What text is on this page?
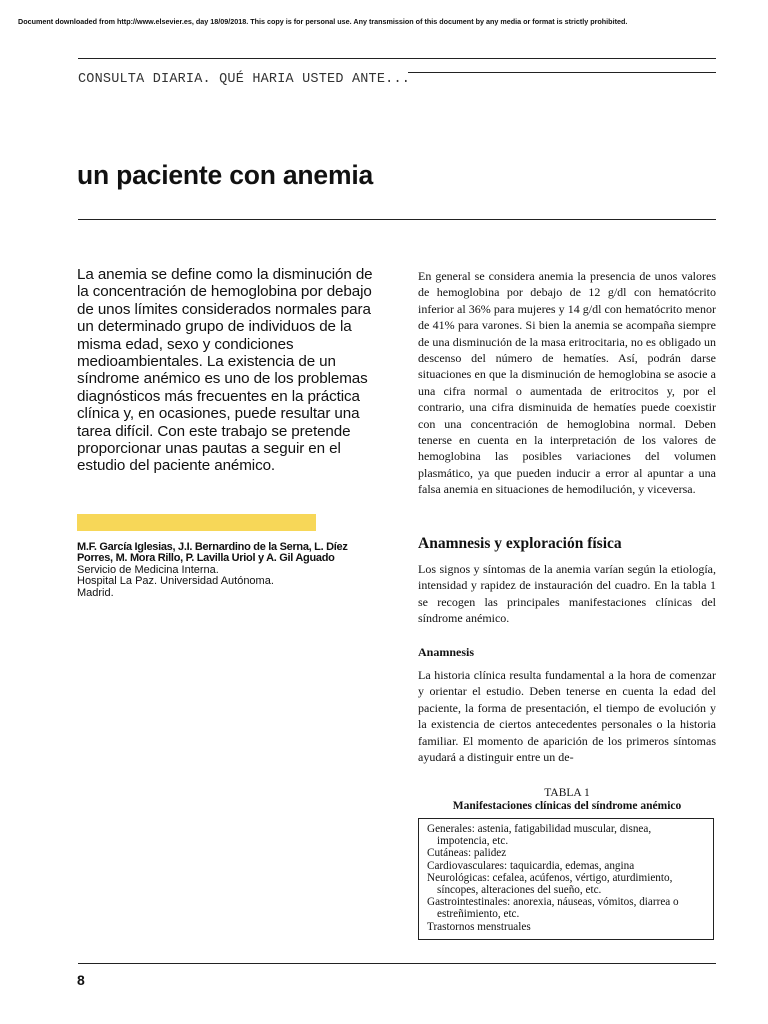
Document downloaded from http://www.elsevier.es, day 18/09/2018. This copy is for personal use. Any transmission of this document by any media or format is strictly prohibited.
CONSULTA DIARIA. QUÉ HARIA USTED ANTE...
un paciente con anemia

La anemia se define como la disminución de la concentración de hemoglobina por debajo de unos límites considerados normales para un determinado grupo de individuos de la misma edad, sexo y condiciones medioambientales. La existencia de un síndrome anémico es uno de los problemas diagnósticos más frecuentes en la práctica clínica y, en ocasiones, puede resultar una tarea difícil. Con este trabajo se pretende proporcionar unas pautas a seguir en el estudio del paciente anémico.

M.F. García Iglesias, J.I. Bernardino de la Serna, L. Díez Porres, M. Mora Rillo, P. Lavilla Uriol y A. Gil Aguado
Servicio de Medicina Interna.
Hospital La Paz. Universidad Autónoma.
Madrid.

En general se considera anemia la presencia de unos valores de hemoglobina por debajo de 12 g/dl con hematócrito inferior al 36% para mujeres y 14 g/dl con hematócrito menor de 41% para varones. Si bien la anemia se acompaña siempre de una disminución de la masa eritrocitaria, no es obligado un descenso del número de hematíes. Así, podrán darse situaciones en que la disminución de hemoglobina se asocie a una cifra normal o aumentada de eritrocitos y, por el contrario, una cifra disminuida de hematíes puede coexistir con una concentración de hemoglobina normal. Deben tenerse en cuenta en la interpretación de los valores de hemoglobina las posibles variaciones del volumen plasmático, ya que pueden inducir a error al apuntar a una falsa anemia en situaciones de hemodilución, y viceversa.

Anamnesis y exploración física

Los signos y síntomas de la anemia varían según la etiología, intensidad y rapidez de instauración del cuadro. En la tabla 1 se recogen las principales manifestaciones clínicas del síndrome anémico.

Anamnesis

La historia clínica resulta fundamental a la hora de comenzar y orientar el estudio. Deben tenerse en cuenta la edad del paciente, la forma de presentación, el tiempo de evolución y la existencia de ciertos antecedentes personales o la historia familiar. El momento de aparición de los primeros síntomas ayudará a distinguir entre un de-

TABLA 1
Manifestaciones clínicas del síndrome anémico
Generales: astenia, fatigabilidad muscular, disnea, impotencia, etc.
Cutáneas: palidez
Cardiovasculares: taquicardia, edemas, angina
Neurológicas: cefalea, acúfenos, vértigo, aturdimiento, síncopes, alteraciones del sueño, etc.
Gastrointestinales: anorexia, náuseas, vómitos, diarrea o estreñimiento, etc.
Trastornos menstruales
8
